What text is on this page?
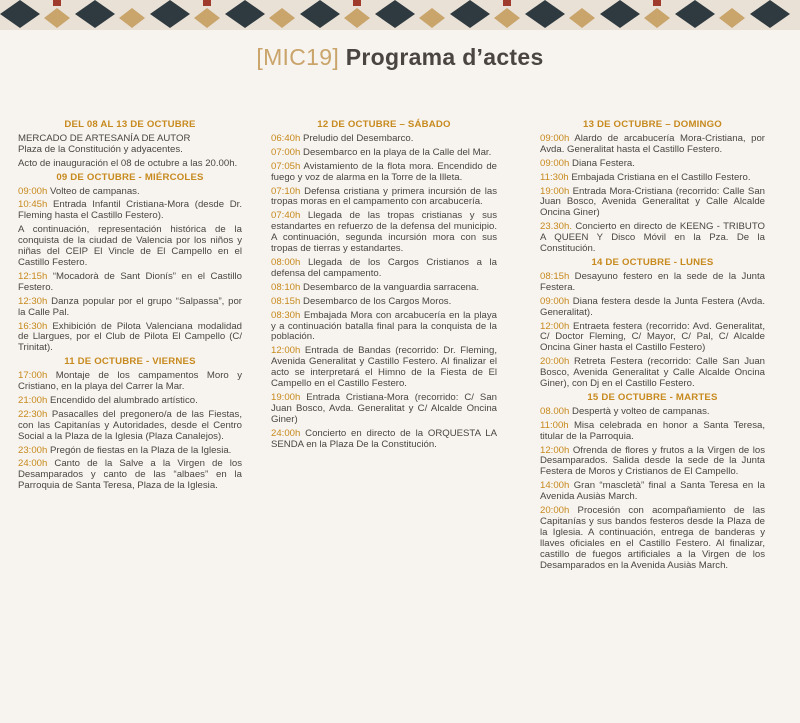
[MIC19] Programa d’actes
DEL 08 AL 13 DE OCTUBRE
MERCADO DE ARTESANÍA DE AUTOR
Plaza de la Constitución y adyacentes.
Acto de inauguración el 08 de octubre a las 20.00h.
09 DE OCTUBRE - MIÉRCOLES
09:00h Volteo de campanas.
10:45h Entrada Infantil Cristiana-Mora (desde Dr. Fleming hasta el Castillo Festero).
A continuación, representación histórica de la conquista de la ciudad de Valencia por los niños y niñas del CEIP El Vincle de El Campello en el Castillo Festero.
12:15h “Mocadorà de Sant Dionís” en el Castillo Festero.
12:30h Danza popular por el grupo “Salpassa”, por la Calle Pal.
16:30h Exhibición de Pilota Valenciana modalidad de Llargues, por el Club de Pilota El Campello (C/ Trinitat).
11 DE OCTUBRE - VIERNES
17:00h Montaje de los campamentos Moro y Cristiano, en la playa del Carrer la Mar.
21:00h Encendido del alumbrado artístico.
22:30h Pasacalles del pregonero/a de las Fiestas, con las Capitanías y Autoridades, desde el Centro Social a la Plaza de la Iglesia (Plaza Canalejos).
23:00h Pregón de fiestas en la Plaza de la Iglesia.
24:00h Canto de la Salve a la Virgen de los Desamparados y canto de las “albaes” en la Parroquia de Santa Teresa, Plaza de la Iglesia.
12 DE OCTUBRE – SÁBADO
06:40h Preludio del Desembarco.
07:00h Desembarco en la playa de la Calle del Mar.
07:05h Avistamiento de la flota mora. Encendido de fuego y voz de alarma en la Torre de la Illeta.
07:10h Defensa cristiana y primera incursión de las tropas moras en el campamento con arcabucería.
07:40h Llegada de las tropas cristianas y sus estandartes en refuerzo de la defensa del municipio. A continuación, segunda incursión mora con sus tropas de tierras y estandartes.
08:00h Llegada de los Cargos Cristianos a la defensa del campamento.
08:10h Desembarco de la vanguardia sarracena.
08:15h Desembarco de los Cargos Moros.
08:30h Embajada Mora con arcabucería en la playa y a continuación batalla final para la conquista de la población.
12:00h Entrada de Bandas (recorrido: Dr. Fleming, Avenida Generalitat y Castillo Festero. Al finalizar el acto se interpretará el Himno de la Fiesta de El Campello en el Castillo Festero.
19:00h Entrada Cristiana-Mora (recorrido: C/ San Juan Bosco, Avda. Generalitat y C/ Alcalde Oncina Giner)
24:00h Concierto en directo de la ORQUESTA LA SENDA en la Plaza De la Constitución.
13 DE OCTUBRE – DOMINGO
09:00h Alardo de arcabucería Mora-Cristiana, por Avda. Generalitat hasta el Castillo Festero.
09:00h Diana Festera.
11:30h Embajada Cristiana en el Castillo Festero.
19:00h Entrada Mora-Cristiana (recorrido: Calle San Juan Bosco, Avenida Generalitat y Calle Alcalde Oncina Giner)
23.30h. Concierto en directo de KEENG - TRIBUTO A QUEEN Y Disco Móvil en la Pza. De la Constitución.
14 DE OCTUBRE - LUNES
08:15h Desayuno festero en la sede de la Junta Festera.
09:00h Diana festera desde la Junta Festera (Avda. Generalitat).
12:00h Entraeta festera (recorrido: Avd. Generalitat, C/ Doctor Fleming, C/ Mayor, C/ Pal, C/ Alcalde Oncina Giner hasta el Castillo Festero)
20:00h Retreta Festera (recorrido: Calle San Juan Bosco, Avenida Generalitat y Calle Alcalde Oncina Giner), con Dj en el Castillo Festero.
15 DE OCTUBRE - MARTES
08.00h Despertà y volteo de campanas.
11:00h Misa celebrada en honor a Santa Teresa, titular de la Parroquia.
12:00h Ofrenda de flores y frutos a la Virgen de los Desamparados. Salida desde la sede de la Junta Festera de Moros y Cristianos de El Campello.
14:00h Gran “mascletà” final a Santa Teresa en la Avenida Ausiàs March.
20:00h Procesión con acompañamiento de las Capitanías y sus bandos festeros desde la Plaza de la Iglesia. A continuación, entrega de banderas y llaves oficiales en el Castillo Festero. Al finalizar, castillo de fuegos artificiales a la Virgen de los Desamparados en la Avenida Ausiàs March.
